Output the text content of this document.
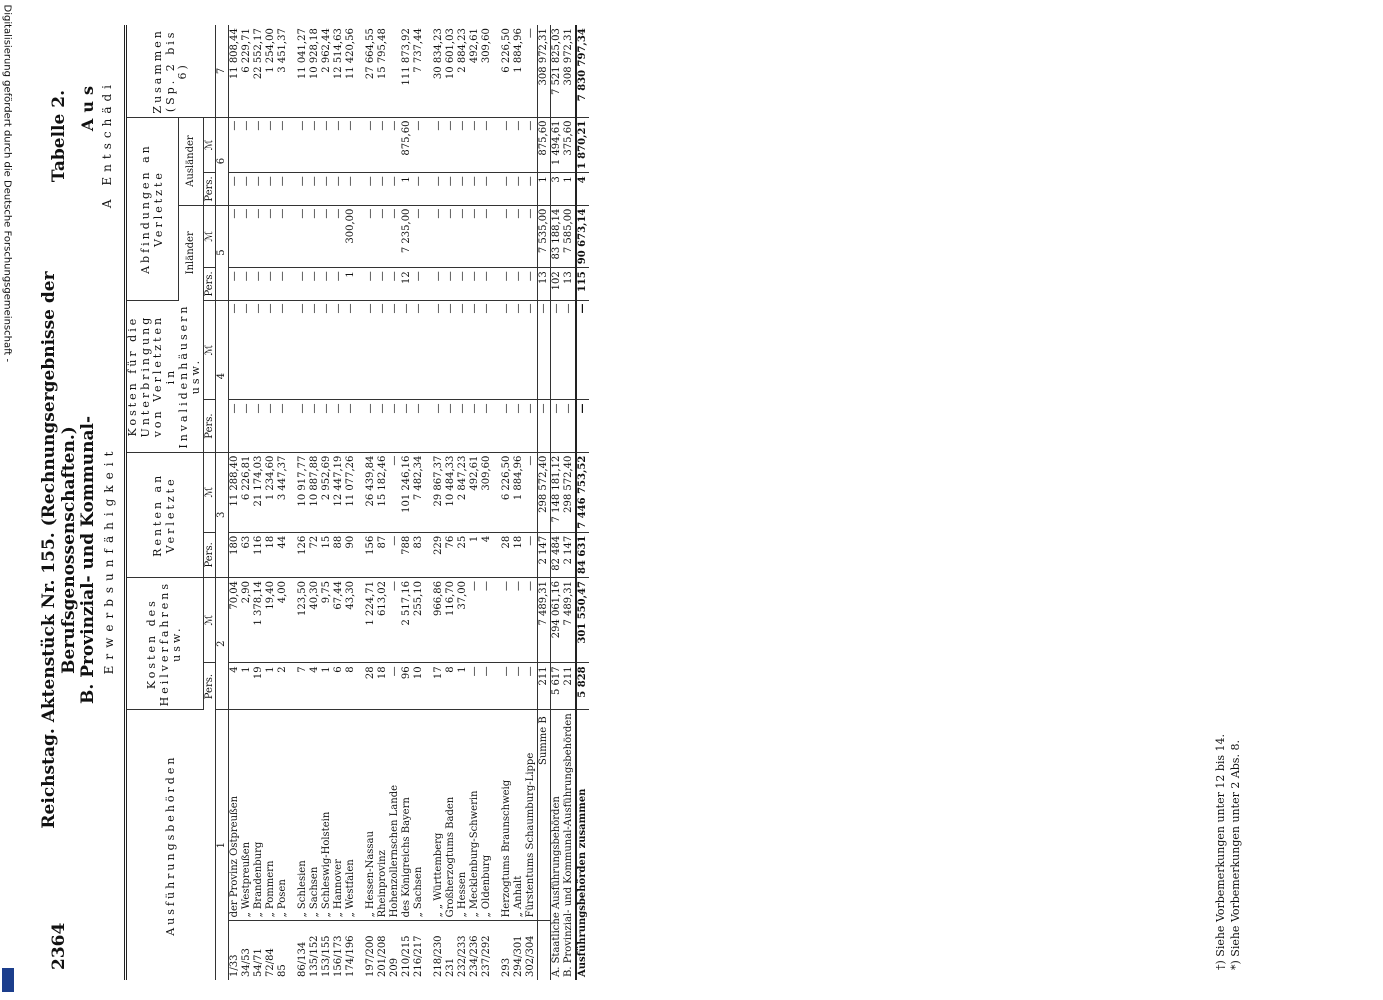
2364
Reichstag. Aktenstück Nr. 155. (Rechnungsergebnisse der Berufsgenossenschaften.)
Tabelle 2.
B. Provinzial- und Kommunal- Erwerbsunfähigkeit
Aus A Entschädi
Ausführungsbehörden		Kosten des Heilverfahrens usw.		Renten an Verletzte		Kosten für die Unterbringung von Verletzten in Invalidenhäusern usw.		Abfindungen an Verletzte				Zusammen (Sp. 2 bis 6)
								Inländer		Ausländer		
		Pers.	ℳ	Pers.	ℳ	Pers.	ℳ	Pers.	ℳ	Pers.	ℳ	
1		2		3		4		5		6		7
1/33	der Provinz Ostpreußen	4	70,04	180	11 288,40	—	—	—	—	—	—	11 808,44
34/53	„ Westpreußen	1	2,90	63	6 226,81	—	—	—	—	—	—	6 229,71
54/71	„ Brandenburg	19	1 378,14	116	21 174,03	—	—	—	—	—	—	22 552,17
72/84	„ Pommern	1	19,40	18	1 234,60	—	—	—	—	—	—	1 254,00
85	„ Posen	2	4,00	44	3 447,37	—	—	—	—	—	—	3 451,37

86/134	„ Schlesien	7	123,50	126	10 917,77	—	—	—	—	—	—	11 041,27
135/152	„ Sachsen	4	40,30	72	10 887,88	—	—	—	—	—	—	10 928,18
153/155	„ Schleswig-Holstein	1	9,75	15	2 952,69	—	—	—	—	—	—	2 962,44
156/173	„ Hannover	6	67,44	88	12 447,19	—	—	—	—	—	—	12 514,63
174/196	„ Westfalen	8	43,30	90	11 077,26	—	—	1	300,00	—	—	11 420,56

197/200	„ Hessen-Nassau	28	1 224,71	156	26 439,84	—	—	—	—	—	—	27 664,55
201/208	Rheinprovinz	18	613,02	87	15 182,46	—	—	—	—	—	—	15 795,48
209	Hohenzollernschen Lande	—	—	—	—	—	—	—	—	—	—	
210/215	des Königreichs Bayern	96	2 517,16	788	101 246,16	—	—	12	7 235,00	1	875,60	111 873,92
216/217	„ Sachsen	10	255,10	83	7 482,34	—	—	—	—	—	—	7 737,44

218/230	„ „ Württemberg	17	966,86	229	29 867,37	—	—	—	—	—	—	30 834,23
231	Großherzogtums Baden	8	116,70	76	10 484,33	—	—	—	—	—	—	10 601,03
232/233	„ Hessen	1	37,00	25	2 847,23	—	—	—	—	—	—	2 884,23
234/236	„ Mecklenburg-Schwerin	—	—	1	492,61	—	—	—	—	—	—	492,61
237/292	„ Oldenburg	—	—	4	309,60	—	—	—	—	—	—	309,60

293	Herzogtums Braunschweig	—	—	28	6 226,50	—	—	—	—	—	—	6 226,50
294/301	„ Anhalt	—	—	18	1 884,96	—	—	—	—	—	—	1 884,96
302/304	Fürstentums Schaumburg-Lippe	—	—	—	—	—	—	—	—	—	—	—
	Summe B	211	7 489,31	2 147	298 572,40	—	—	13	7 535,00	1	875,60	308 972,31
A. Staatliche Ausführungsbehörden		5 617	294 061,16	82 484	7 148 181,12	—	—	102	83 188,14	3	1 494,61	7 521 825,03
B. Provinzial- und Kommunal-Ausführungsbehörden		211	7 489,31	2 147	298 572,40	—	—	13	7 585,00	1	375,60	308 972,31
Ausführungsbehörden zusammen		5 828	301 550,47	84 631	7 446 753,52	—	—	115	90 673,14	4	1 870,21	7 830 797,34
†) Siehe Vorbemerkungen unter 12 bis 14. *) Siehe Vorbemerkungen unter 2 Abs. 8.
Digitalisierung gefördert durch die Deutsche Forschungsgemeinschaft -
